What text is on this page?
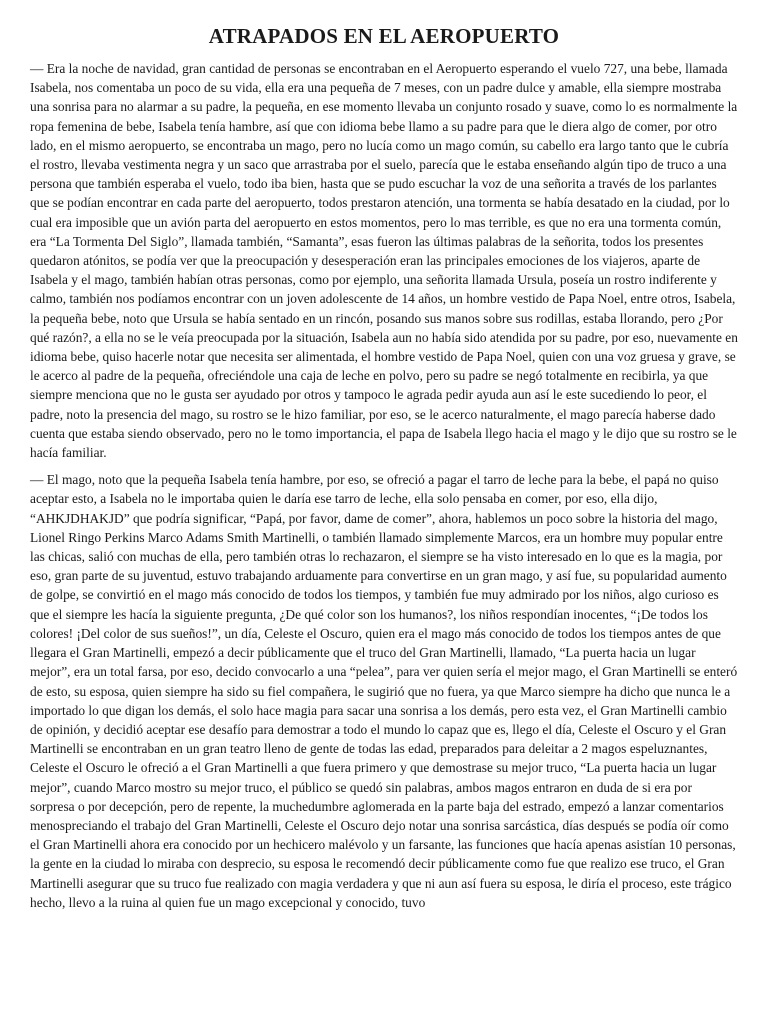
ATRAPADOS EN EL AEROPUERTO

— Era la noche de navidad, gran cantidad de personas se encontraban en el Aeropuerto esperando el vuelo 727, una bebe, llamada Isabela, nos comentaba un poco de su vida, ella era una pequeña de 7 meses, con un padre dulce y amable, ella siempre mostraba una sonrisa para no alarmar a su padre, la pequeña, en ese momento llevaba un conjunto rosado y suave, como lo es normalmente la ropa femenina de bebe, Isabela tenía hambre, así que con idioma bebe llamo a su padre para que le diera algo de comer, por otro lado, en el mismo aeropuerto, se encontraba un mago, pero no lucía como un mago común, su cabello era largo tanto que le cubría el rostro, llevaba vestimenta negra y un saco que arrastraba por el suelo, parecía que le estaba enseñando algún tipo de truco a una persona que también esperaba el vuelo, todo iba bien, hasta que se pudo escuchar la voz de una señorita a través de los parlantes que se podían encontrar en cada parte del aeropuerto, todos prestaron atención, una tormenta se había desatado en la ciudad, por lo cual era imposible que un avión parta del aeropuerto en estos momentos, pero lo mas terrible, es que no era una tormenta común, era “La Tormenta Del Siglo”, llamada también, “Samanta”, esas fueron las últimas palabras de la señorita, todos los presentes quedaron atónitos, se podía ver que la preocupación y desesperación eran las principales emociones de los viajeros, aparte de Isabela y el mago, también habían otras personas, como por ejemplo, una señorita llamada Ursula, poseía un rostro indiferente y calmo, también nos podíamos encontrar con un joven adolescente de 14 años, un hombre vestido de Papa Noel, entre otros, Isabela, la pequeña bebe, noto que Ursula se había sentado en un rincón, posando sus manos sobre sus rodillas, estaba llorando, pero ¿Por qué razón?, a ella no se le veía preocupada por la situación, Isabela aun no había sido atendida por su padre, por eso, nuevamente en idioma bebe, quiso hacerle notar que necesita ser alimentada, el hombre vestido de Papa Noel, quien con una voz gruesa y grave, se le acerco al padre de la pequeña, ofreciéndole una caja de leche en polvo, pero su padre se negó totalmente en recibirla, ya que siempre menciona que no le gusta ser ayudado por otros y tampoco le agrada pedir ayuda aun así le este sucediendo lo peor, el padre, noto la presencia del mago, su rostro se le hizo familiar, por eso, se le acerco naturalmente, el mago parecía haberse dado cuenta que estaba siendo observado, pero no le tomo importancia, el papa de Isabela llego hacia el mago y le dijo que su rostro se le hacía familiar.

— El mago, noto que la pequeña Isabela tenía hambre, por eso, se ofreció a pagar el tarro de leche para la bebe, el papá no quiso aceptar esto, a Isabela no le importaba quien le daría ese tarro de leche, ella solo pensaba en comer, por eso, ella dijo, “AHKJDHAKJD” que podría significar, “Papá, por favor, dame de comer”, ahora, hablemos un poco sobre la historia del mago, Lionel Ringo Perkins Marco Adams Smith Martinelli, o también llamado simplemente Marcos, era un hombre muy popular entre las chicas, salió con muchas de ella, pero también otras lo rechazaron, el siempre se ha visto interesado en lo que es la magia, por eso, gran parte de su juventud, estuvo trabajando arduamente para convertirse en un gran mago, y así fue, su popularidad aumento de golpe, se convirtió en el mago más conocido de todos los tiempos, y también fue muy admirado por los niños, algo curioso es que el siempre les hacía la siguiente pregunta, ¿De qué color son los humanos?, los niños respondían inocentes, “¡De todos los colores! ¡Del color de sus sueños!”, un día, Celeste el Oscuro, quien era el mago más conocido de todos los tiempos antes de que llegara el Gran Martinelli, empezó a decir públicamente que el truco del Gran Martinelli, llamado, “La puerta hacia un lugar mejor”, era un total farsa, por eso, decido convocarlo a una “pelea”, para ver quien sería el mejor mago, el Gran Martinelli se enteró de esto, su esposa, quien siempre ha sido su fiel compañera, le sugirió que no fuera, ya que Marco siempre ha dicho que nunca le a importado lo que digan los demás, el solo hace magia para sacar una sonrisa a los demás, pero esta vez, el Gran Martinelli cambio de opinión, y decidió aceptar ese desafío para demostrar a todo el mundo lo capaz que es, llego el día, Celeste el Oscuro y el Gran Martinelli se encontraban en un gran teatro lleno de gente de todas las edad, preparados para deleitar a 2 magos espeluznantes, Celeste el Oscuro le ofreció a el Gran Martinelli a que fuera primero y que demostrase su mejor truco, “La puerta hacia un lugar mejor”, cuando Marco mostro su mejor truco, el público se quedó sin palabras, ambos magos entraron en duda de si era por sorpresa o por decepción, pero de repente, la muchedumbre aglomerada en la parte baja del estrado, empezó a lanzar comentarios menospreciando el trabajo del Gran Martinelli, Celeste el Oscuro dejo notar una sonrisa sarcástica, días después se podía oír como el Gran Martinelli ahora era conocido por un hechicero malévolo y un farsante, las funciones que hacía apenas asistían 10 personas, la gente en la ciudad lo miraba con desprecio, su esposa le recomendó decir públicamente como fue que realizo ese truco, el Gran Martinelli asegurar que su truco fue realizado con magia verdadera y que ni aun así fuera su esposa, le diría el proceso, este trágico hecho, llevo a la ruina al quien fue un mago excepcional y conocido, tuvo
